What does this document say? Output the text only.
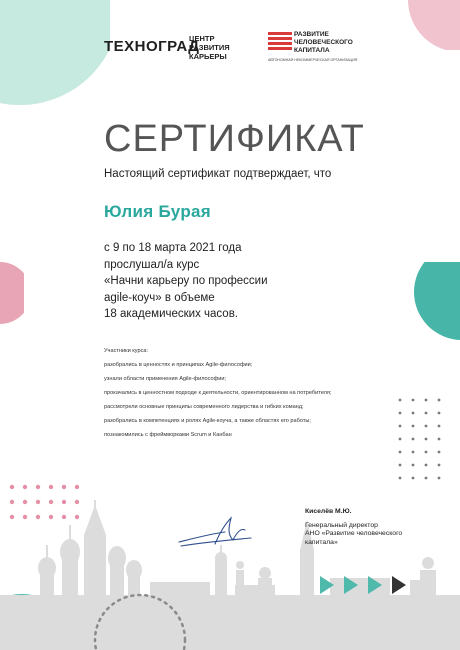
ТЕХНОГРАД
ЦЕНТР РАЗВИТИЯ КАРЬЕРЫ
РАЗВИТИЕ ЧЕЛОВЕЧЕСКОГО КАПИТАЛА
АВТОНОМНАЯ НЕКОММЕРЧЕСКАЯ ОРГАНИЗАЦИЯ
СЕРТИФИКАТ
Настоящий сертификат подтверждает, что
Юлия Бурая
с 9 по 18 марта 2021 года
прослушал/а курс
«Начни карьеру по профессии
agile-коуч» в объеме
18 академических часов.
Участники курса:
разобрались в ценностях и принципах Agile-философии;
узнали области применения Agile-философии;
прокачались в ценностном подходе к деятельности, ориентированном на потребителя;
рассмотрели основные принципы современного лидерства и гибких команд;
разобрались в компетенциях и ролях Agile-коуча, а также областях его работы;
познакомились с фреймворками Scrum и Канбан
Киселёв М.Ю.
Генеральный директор
АНО «Развитие человеческого
капитала»
